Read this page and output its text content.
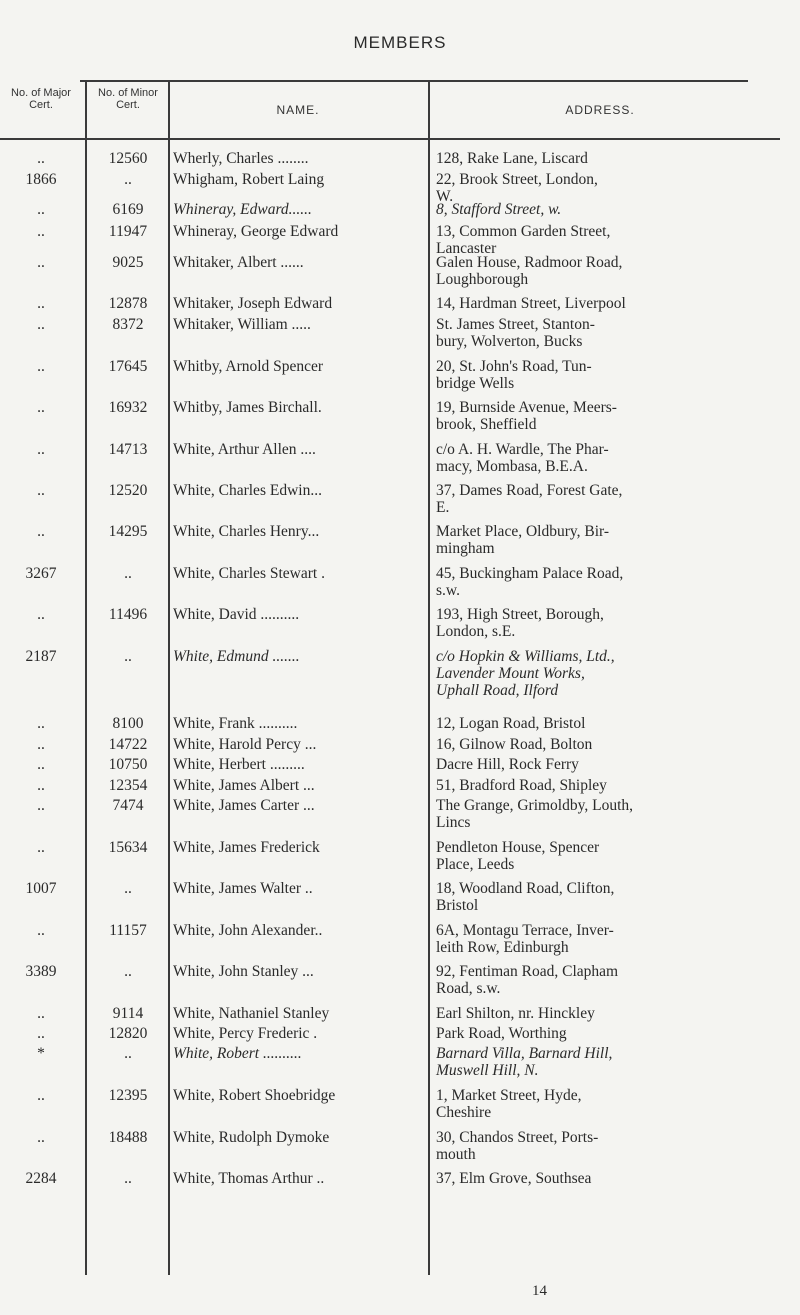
MEMBERS
No. of Major Cert.
No. of Minor Cert.	NAME.	ADDRESS.
..	12560	Wherly, Charles ........	128, Rake Lane, Liscard
1866	..	Whigham, Robert Laing	22, Brook Street, London,
W.
..	6169	Whineray, Edward......	8, Stafford Street, w.
..	11947	Whineray, George Edward	13, Common Garden Street,
Lancaster
..	9025	Whitaker, Albert ......	Galen House, Radmoor Road,
Loughborough
..	12878	Whitaker, Joseph Edward	14, Hardman Street, Liverpool
..	8372	Whitaker, William .....	St. James Street, Stanton-
bury, Wolverton, Bucks
..	17645	Whitby, Arnold Spencer	20, St. John's Road, Tun-
bridge Wells
..	16932	Whitby, James Birchall.	19, Burnside Avenue, Meers-
brook, Sheffield
..	14713	White, Arthur Allen ....	c/o A. H. Wardle, The Phar-
macy, Mombasa, B.E.A.
..	12520	White, Charles Edwin...	37, Dames Road, Forest Gate,
E.
..	14295	White, Charles Henry...	Market Place, Oldbury, Bir-
mingham
3267	..	White, Charles Stewart .	45, Buckingham Palace Road,
s.w.
..	11496	White, David ..........	193, High Street, Borough,
London, s.E.
2187	..	White, Edmund .......	c/o Hopkin & Williams, Ltd.,
Lavender Mount Works,
Uphall Road, Ilford
..	8100	White, Frank ..........	12, Logan Road, Bristol
..	14722	White, Harold Percy ...	16, Gilnow Road, Bolton
..	10750	White, Herbert .........	Dacre Hill, Rock Ferry
..	12354	White, James Albert ...	51, Bradford Road, Shipley
..	7474	White, James Carter ...	The Grange, Grimoldby, Louth,
Lincs
..	15634	White, James Frederick	Pendleton House, Spencer
Place, Leeds
1007	..	White, James Walter ..	18, Woodland Road, Clifton,
Bristol
..	11157	White, John Alexander..	6A, Montagu Terrace, Inver-
leith Row, Edinburgh
3389	..	White, John Stanley ...	92, Fentiman Road, Clapham
Road, s.w.
..	9114	White, Nathaniel Stanley	Earl Shilton, nr. Hinckley
..	12820	White, Percy Frederic .	Park Road, Worthing
*	..	White, Robert ..........	Barnard Villa, Barnard Hill,
Muswell Hill, N.
..	12395	White, Robert Shoebridge	1, Market Street, Hyde,
Cheshire
..	18488	White, Rudolph Dymoke	30, Chandos Street, Ports-
mouth
2284	..	White, Thomas Arthur ..	37, Elm Grove, Southsea
14
